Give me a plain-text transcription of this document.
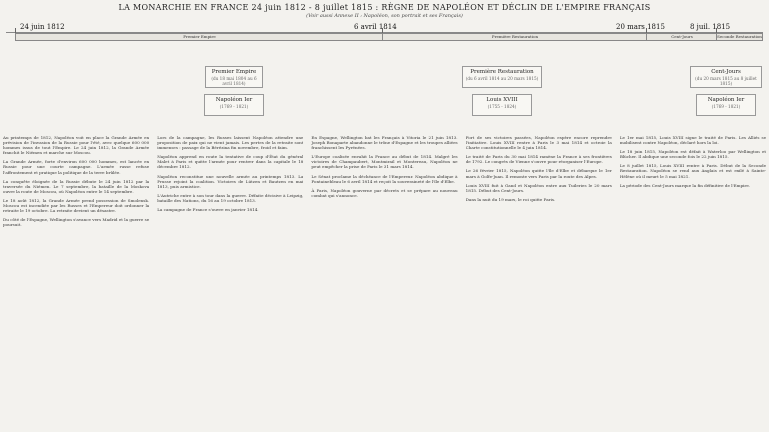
LA MONARCHIE EN FRANCE 24 juin 1812 - 8 juillet 1815 : RÈGNE DE NAPOLÉON ET DÉCLIN DE L'EMPIRE FRANÇAIS
(Voir aussi Annexe II : Napoléon, son portrait et ses Français)
24 juin 1812	6 avril 1814	20 mars 1815	8 juil. 1815
Premier Empire	Première Restauration	Cent-Jours	Seconde Restauration
Premier Empire
(du 18 mai 1804 au 6 avril 1814)
Napoléon Ier
(1769 - 1821)
Première Restauration
(du 6 avril 1814 au 20 mars 1815)
Louis XVIII
(1755 - 1824)
Cent-Jours
(du 20 mars 1815 au 8 juillet 1815)
Napoléon Ier
(1769 - 1821)

Au printemps de 1812, Napoléon voit en place la Grande Armée en prévision de l'invasion de la Russie pour l'été, avec quelque 600 000 hommes issus de tout l'Empire. Le 24 juin 1812, la Grande Armée franchit le Niémen et marche sur Moscou.

La Grande Armée, forte d'environ 600 000 hommes, est lancée en Russie pour une courte campagne. L'armée russe refuse l'affrontement et pratique la politique de la terre brûlée.

La conquête éloignée de la Russie débute le 24 juin 1812 par la traversée du Niémen. Le 7 septembre, la bataille de la Moskova ouvre la route de Moscou, où Napoléon entre le 14 septembre.

Le 18 août 1812, la Grande Armée prend possession de Smolensk. Moscou est incendiée par les Russes et l'Empereur doit ordonner la retraite le 19 octobre. La retraite devient un désastre.

Du côté de l'Espagne, Wellington s'avance vers Madrid et la guerre se poursuit.

Lors de la campagne, les Russes laissent Napoléon attendre une proposition de paix qui ne vient jamais. Les pertes de la retraite sont immenses : passage de la Bérézina fin novembre, froid et faim.

Napoléon apprend en route la tentative de coup d'État du général Malet à Paris et quitte l'armée pour rentrer dans la capitale le 18 décembre 1812.

Napoléon reconstitue une nouvelle armée au printemps 1813. La Prusse rejoint la coalition. Victoires de Lützen et Bautzen en mai 1813, puis armistice.

L'Autriche entre à son tour dans la guerre. Défaite décisive à Leipzig, bataille des Nations, du 16 au 19 octobre 1813.

La campagne de France s'ouvre en janvier 1814.

En Espagne, Wellington bat les Français à Vitoria le 21 juin 1813. Joseph Bonaparte abandonne le trône d'Espagne et les troupes alliées franchissent les Pyrénées.

L'Europe coalisée envahit la France au début de 1814. Malgré les victoires de Champaubert, Montmirail et Montereau, Napoléon ne peut empêcher la prise de Paris le 31 mars 1814.

Le Sénat proclame la déchéance de l'Empereur. Napoléon abdique à Fontainebleau le 6 avril 1814 et reçoit la souveraineté de l'île d'Elbe.

À Paris, Napoléon gouverne par décrets et se prépare au nouveau combat qui s'annonce.

Fort de ses victoires passées, Napoléon espère encore reprendre l'initiative. Louis XVIII rentre à Paris le 3 mai 1814 et octroie la Charte constitutionnelle le 4 juin 1814.

Le traité de Paris du 30 mai 1814 ramène la France à ses frontières de 1792. Le congrès de Vienne s'ouvre pour réorganiser l'Europe.

Le 26 février 1815, Napoléon quitte l'île d'Elbe et débarque le 1er mars à Golfe-Juan. Il remonte vers Paris par la route des Alpes.

Louis XVIII fuit à Gand et Napoléon entre aux Tuileries le 20 mars 1815. Début des Cent-Jours.

Dans la nuit du 19 mars, le roi quitte Paris.

Le 1er mai 1815, Louis XVIII signe le traité de Paris. Les Alliés se mobilisent contre Napoléon, déclaré hors la loi.

Le 18 juin 1815, Napoléon est défait à Waterloo par Wellington et Blücher. Il abdique une seconde fois le 22 juin 1815.

Le 8 juillet 1815, Louis XVIII rentre à Paris. Début de la Seconde Restauration. Napoléon se rend aux Anglais et est exilé à Sainte-Hélène où il meurt le 5 mai 1821.

La période des Cent-Jours marque la fin définitive de l'Empire.
